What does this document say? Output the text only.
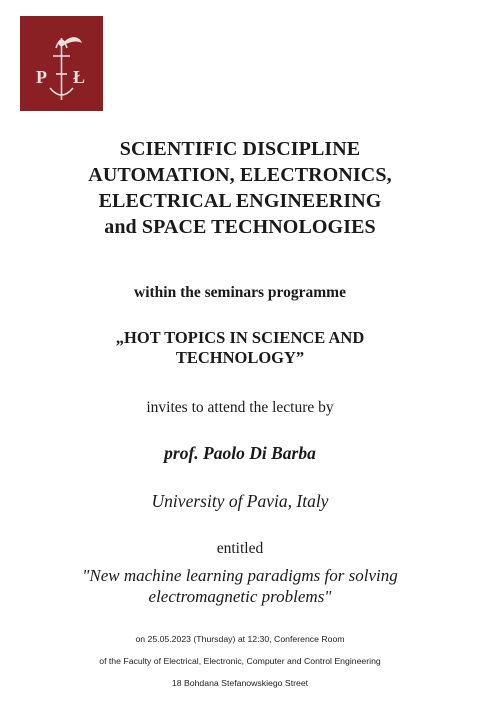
P Ł
SCIENTIFIC DISCIPLINE
AUTOMATION, ELECTRONICS,
ELECTRICAL ENGINEERING
and SPACE TECHNOLOGIES
within the seminars programme
„HOT TOPICS IN SCIENCE AND
TECHNOLOGY”
invites to attend the lecture by
prof. Paolo Di Barba
University of Pavia, Italy
entitled
"New machine learning paradigms for solving
electromagnetic problems"
on 25.05.2023 (Thursday) at 12:30, Conference Room
of the Faculty of Electrical, Electronic, Computer and Control Engineering
18 Bohdana Stefanowskiego Street
